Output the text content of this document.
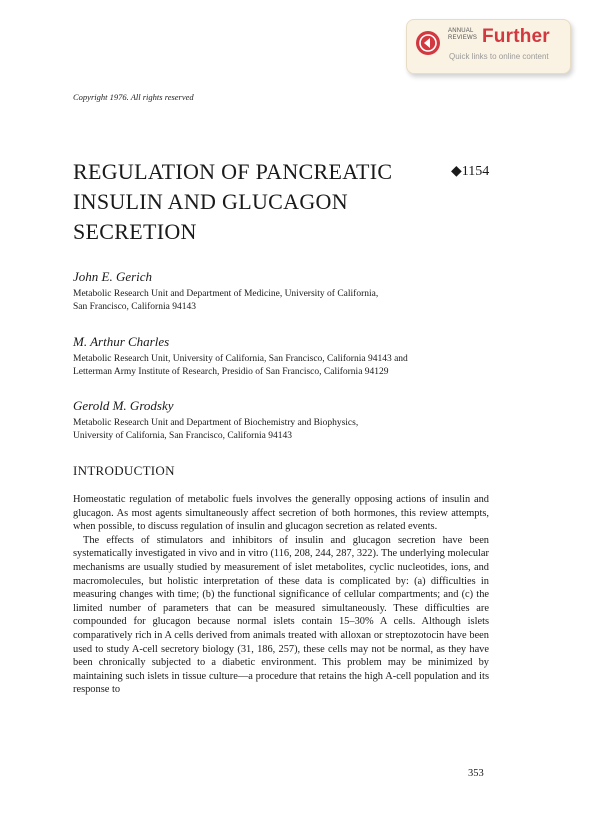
ANNUAL
REVIEWS Further
Quick links to online content
Copyright 1976. All rights reserved
REGULATION OF PANCREATIC
INSULIN AND GLUCAGON
SECRETION
◆1154
John E. Gerich
Metabolic Research Unit and Department of Medicine, University of California,
San Francisco, California 94143
M. Arthur Charles
Metabolic Research Unit, University of California, San Francisco, California 94143 and
Letterman Army Institute of Research, Presidio of San Francisco, California 94129
Gerold M. Grodsky
Metabolic Research Unit and Department of Biochemistry and Biophysics,
University of California, San Francisco, California 94143
INTRODUCTION

Homeostatic regulation of metabolic fuels involves the generally opposing actions of insulin and glucagon. As most agents simultaneously affect secretion of both hormones, this review attempts, when possible, to discuss regulation of insulin and glucagon secretion as related events.

The effects of stimulators and inhibitors of insulin and glucagon secretion have been systematically investigated in vivo and in vitro (116, 208, 244, 287, 322). The underlying molecular mechanisms are usually studied by measurement of islet metabolites, cyclic nucleotides, ions, and macromolecules, but holistic interpretation of these data is complicated by: (a) difficulties in measuring changes with time; (b) the functional significance of cellular compartments; and (c) the limited number of parameters that can be measured simultaneously. These difficulties are compounded for glucagon because normal islets contain 15–30% A cells. Although islets comparatively rich in A cells derived from animals treated with alloxan or streptozotocin have been used to study A-cell secretory biology (31, 186, 257), these cells may not be normal, as they have been chronically subjected to a diabetic environment. This problem may be minimized by maintaining such islets in tissue culture—a procedure that retains the high A-cell population and its response to

353
